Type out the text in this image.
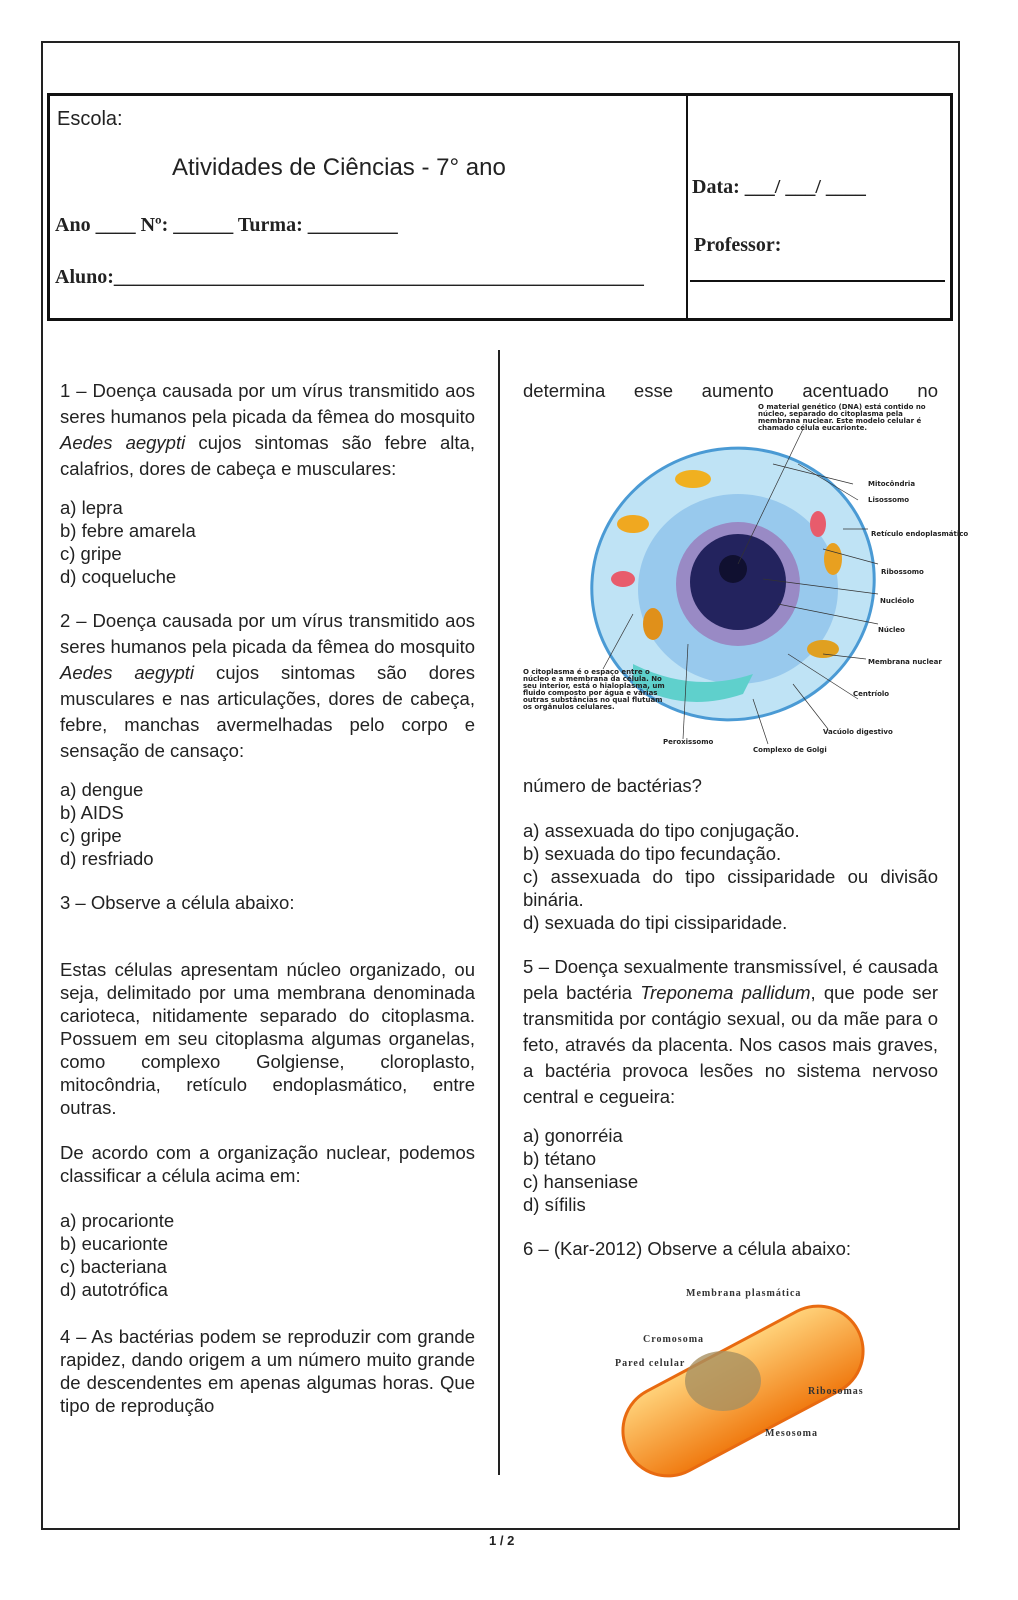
Escola:
Atividades de Ciências - 7° ano
Ano ____ Nº: ______ Turma: _________
Aluno:_____________________________________________________
Data: ___/ ___/ ____
Professor:

1 – Doença causada por um vírus transmitido aos seres humanos pela picada da fêmea do mosquito Aedes aegypti cujos sintomas são febre alta, calafrios, dores de cabeça e musculares:

a) lepra
b) febre amarela
c) gripe
d) coqueluche

2 – Doença causada por um vírus transmitido aos seres humanos pela picada da fêmea do mosquito Aedes aegypti cujos sintomas são dores musculares e nas articulações, dores de cabeça, febre, manchas avermelhadas pelo corpo e sensação de cansaço:

a) dengue
b) AIDS
c) gripe
d) resfriado

3 – Observe a célula abaixo:

Estas células apresentam núcleo organizado, ou seja, delimitado por uma membrana denominada carioteca, nitidamente separado do citoplasma. Possuem em seu citoplasma algumas organelas, como complexo Golgiense, cloroplasto, mitocôndria, retículo endoplasmático, entre outras.

De acordo com a organização nuclear, podemos classificar a célula acima em:

a) procarionte
b) eucarionte
c) bacteriana
d) autotrófica

4 – As bactérias podem se reproduzir com grande rapidez, dando origem a um número muito grande de descendentes em apenas algumas horas. Que tipo de reprodução

determina esse aumento acentuado no

O material genético (DNA) está contido no núcleo, separado do citoplasma pela membrana nuclear. Este modelo celular é chamado célula eucarionte.
O citoplasma é o espaço entre o núcleo e a membrana da célula. No seu interior, está o hialoplasma, um fluido composto por água e várias outras substâncias no qual flutuam os orgânulos celulares.
Mitocôndria
Lisossomo
Retículo endoplasmático
Ribossomo
Nucléolo
Núcleo
Membrana nuclear
Centríolo
Vacúolo digestivo
Complexo de Golgi
Peroxissomo

número de bactérias?

a) assexuada do tipo conjugação.
b) sexuada do tipo fecundação.
c) assexuada do tipo cissiparidade ou divisão binária.
d) sexuada do tipi cissiparidade.

5 – Doença sexualmente transmissível, é causada pela bactéria Treponema pallidum, que pode ser transmitida por contágio sexual, ou da mãe para o feto, através da placenta. Nos casos mais graves, a bactéria provoca lesões no sistema nervoso central e cegueira:

a) gonorréia
b) tétano
c) hanseniase
d) sífilis

6 – (Kar-2012) Observe a célula abaixo:

Membrana plasmática
Cromosoma
Pared celular
Ribosomas
Mesosoma
1 / 2
